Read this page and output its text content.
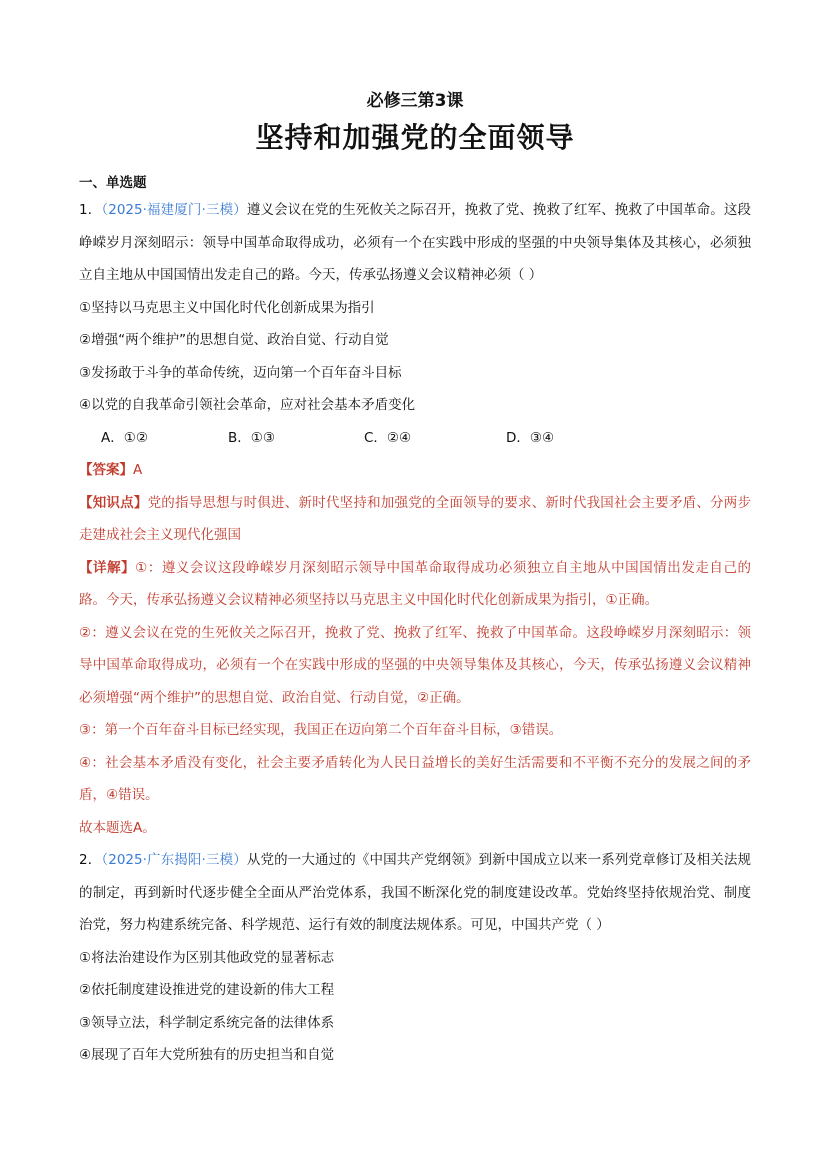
必修三第3课

坚持和加强党的全面领导

一、单选题

1．（2025·福建厦门·三模）遵义会议在党的生死攸关之际召开，挽救了党、挽救了红军、挽救了中国革命。这段峥嵘岁月深刻昭示：领导中国革命取得成功，必须有一个在实践中形成的坚强的中央领导集体及其核心，必须独立自主地从中国国情出发走自己的路。今天，传承弘扬遵义会议精神必须（ ）

①坚持以马克思主义中国化时代化创新成果为指引

②增强“两个维护”的思想自觉、政治自觉、行动自觉

③发扬敢于斗争的革命传统，迈向第一个百年奋斗目标

④以党的自我革命引领社会革命，应对社会基本矛盾变化

A．①②	B．①③	C．②④	D．③④

【答案】A

【知识点】党的指导思想与时俱进、新时代坚持和加强党的全面领导的要求、新时代我国社会主要矛盾、分两步走建成社会主义现代化强国

【详解】①：遵义会议这段峥嵘岁月深刻昭示领导中国革命取得成功必须独立自主地从中国国情出发走自己的路。今天，传承弘扬遵义会议精神必须坚持以马克思主义中国化时代化创新成果为指引，①正确。

②：遵义会议在党的生死攸关之际召开，挽救了党、挽救了红军、挽救了中国革命。这段峥嵘岁月深刻昭示：领导中国革命取得成功，必须有一个在实践中形成的坚强的中央领导集体及其核心，今天，传承弘扬遵义会议精神必须增强“两个维护”的思想自觉、政治自觉、行动自觉，②正确。

③：第一个百年奋斗目标已经实现，我国正在迈向第二个百年奋斗目标，③错误。

④：社会基本矛盾没有变化，社会主要矛盾转化为人民日益增长的美好生活需要和不平衡不充分的发展之间的矛盾，④错误。

故本题选A。

2．（2025·广东揭阳·三模）从党的一大通过的《中国共产党纲领》到新中国成立以来一系列党章修订及相关法规的制定，再到新时代逐步健全全面从严治党体系，我国不断深化党的制度建设改革。党始终坚持依规治党、制度治党，努力构建系统完备、科学规范、运行有效的制度法规体系。可见，中国共产党（ ）

①将法治建设作为区别其他政党的显著标志

②依托制度建设推进党的建设新的伟大工程

③领导立法，科学制定系统完备的法律体系

④展现了百年大党所独有的历史担当和自觉
